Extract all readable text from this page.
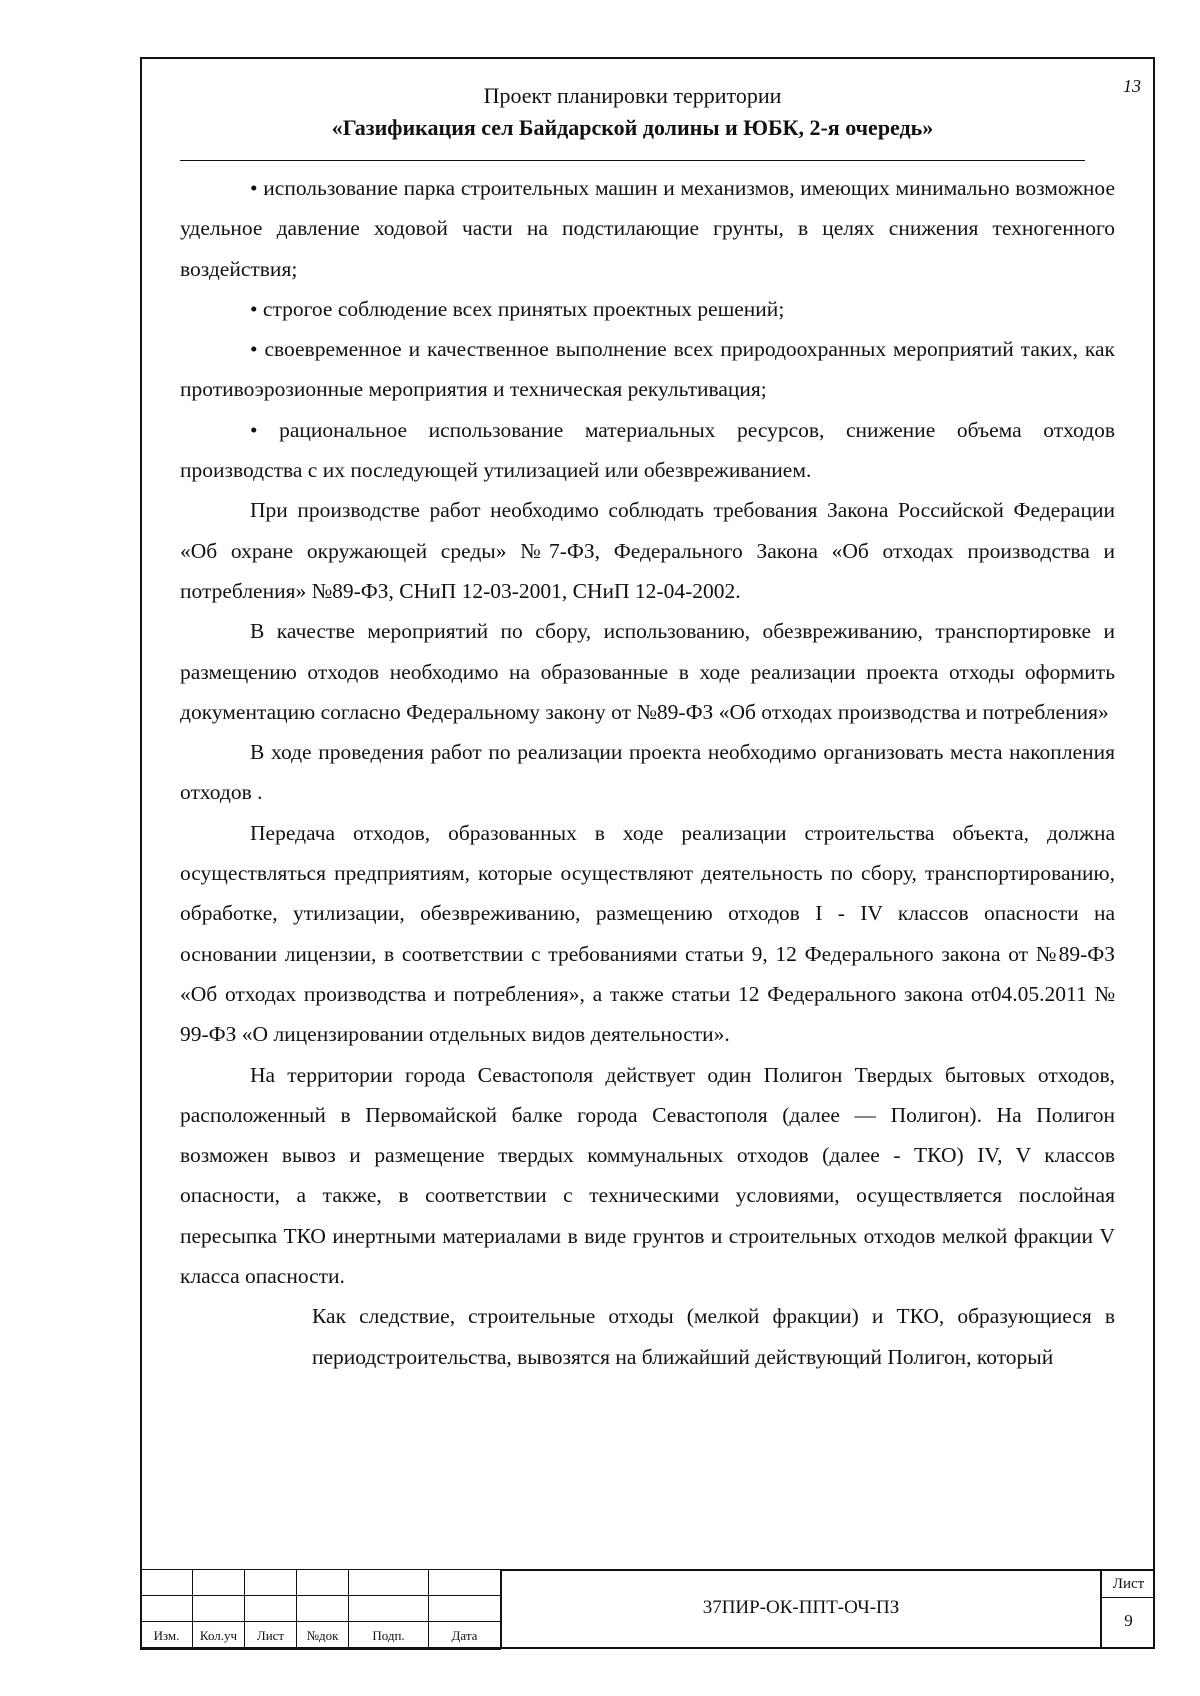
13
Проект планировки территории
«Газификация сел Байдарской долины и ЮБК, 2-я очередь»

• использование парка строительных машин и механизмов, имеющих минимально возможное удельное давление ходовой части на подстилающие грунты, в целях снижения техногенного воздействия;

• строгое соблюдение всех принятых проектных решений;

• своевременное и качественное выполнение всех природоохранных мероприятий таких, как противоэрозионные мероприятия и техническая рекультивация;

• рациональное использование материальных ресурсов, снижение объема отходов производства с их последующей утилизацией или обезвреживанием.

При производстве работ необходимо соблюдать требования Закона Российской Федерации «Об охране окружающей среды» №7-ФЗ, Федерального Закона «Об отходах производства и потребления» №89-ФЗ, СНиП 12-03-2001, СНиП 12-04-2002.

В качестве мероприятий по сбору, использованию, обезвреживанию, транспортировке и размещению отходов необходимо на образованные в ходе реализации проекта отходы оформить документацию согласно Федеральному закону от №89-ФЗ «Об отходах производства и потребления»

В ходе проведения работ по реализации проекта необходимо организовать места накопления отходов .

Передача отходов, образованных в ходе реализации строительства объекта, должна осуществляться предприятиям, которые осуществляют деятельность по сбору, транспортированию, обработке, утилизации, обезвреживанию, размещению отходов I - IV классов опасности на основании лицензии, в соответствии с требованиями статьи 9, 12 Федерального закона от №89-ФЗ «Об отходах производства и потребления», а также статьи 12 Федерального закона от04.05.2011 № 99-ФЗ «О лицензировании отдельных видов деятельности».

На территории города Севастополя действует один Полигон Твердых бытовых отходов, расположенный в Первомайской балке города Севастополя (далее — Полигон). На Полигон возможен вывоз и размещение твердых коммунальных отходов (далее - ТКО) IV, V классов опасности, а также, в соответствии с техническими условиями, осуществляется послойная пересыпка ТКО инертными материалами в виде грунтов и строительных отходов мелкой фракции V класса опасности.

Как следствие, строительные отходы (мелкой фракции) и ТКО, образующиеся в периодстроительства, вывозятся на ближайший действующий Полигон, который

Изм.	Кол.уч	Лист	№док	Подп.	Дата
37ПИР-ОК-ППТ-ОЧ-ПЗ
Лист
9
